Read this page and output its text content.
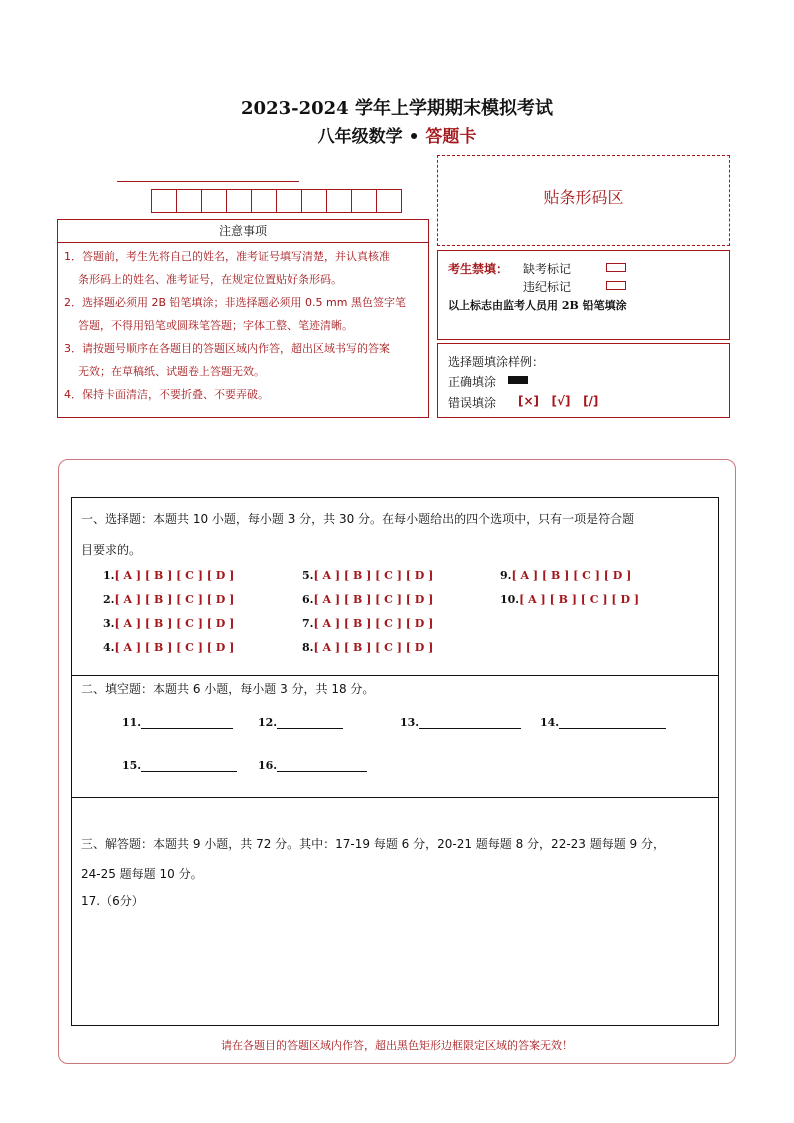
2023-2024 学年上学期期末模拟考试
八年级数学 • 答题卡
注意事项
1．答题前，考生先将自己的姓名，准考证号填写清楚，并认真核准
条形码上的姓名、准考证号，在规定位置贴好条形码。
2．选择题必须用 2B 铅笔填涂；非选择题必须用 0.5 mm 黑色签字笔
答题，不得用铅笔或圆珠笔答题；字体工整、笔迹清晰。
3．请按题号顺序在各题目的答题区域内作答，超出区域书写的答案
无效；在草稿纸、试题卷上答题无效。
4．保持卡面清洁，不要折叠、不要弄破。
贴条形码区
考生禁填： 缺考标记
违纪标记
以上标志由监考人员用 2B 铅笔填涂
选择题填涂样例：
正确填涂
错误填涂 [×]   [√]   [/]
一、选择题：本题共 10 小题，每小题 3 分，共 30 分。在每小题给出的四个选项中，只有一项是符合题
目要求的。
1.[ A ] [ B ] [ C ] [ D ]
2.[ A ] [ B ] [ C ] [ D ]
3.[ A ] [ B ] [ C ] [ D ]
4.[ A ] [ B ] [ C ] [ D ]
5.[ A ] [ B ] [ C ] [ D ]
6.[ A ] [ B ] [ C ] [ D ]
7.[ A ] [ B ] [ C ] [ D ]
8.[ A ] [ B ] [ C ] [ D ]
9.[ A ] [ B ] [ C ] [ D ]
10.[ A ] [ B ] [ C ] [ D ]
二、填空题：本题共 6 小题，每小题 3 分，共 18 分。
11.	12.	13.	14.
15.	16.
三、解答题：本题共 9 小题，共 72 分。其中：17-19 每题 6 分，20-21 题每题 8 分，22-23 题每题 9 分，
24-25 题每题 10 分。
17.（6分）
请在各题目的答题区域内作答，超出黑色矩形边框限定区域的答案无效！
